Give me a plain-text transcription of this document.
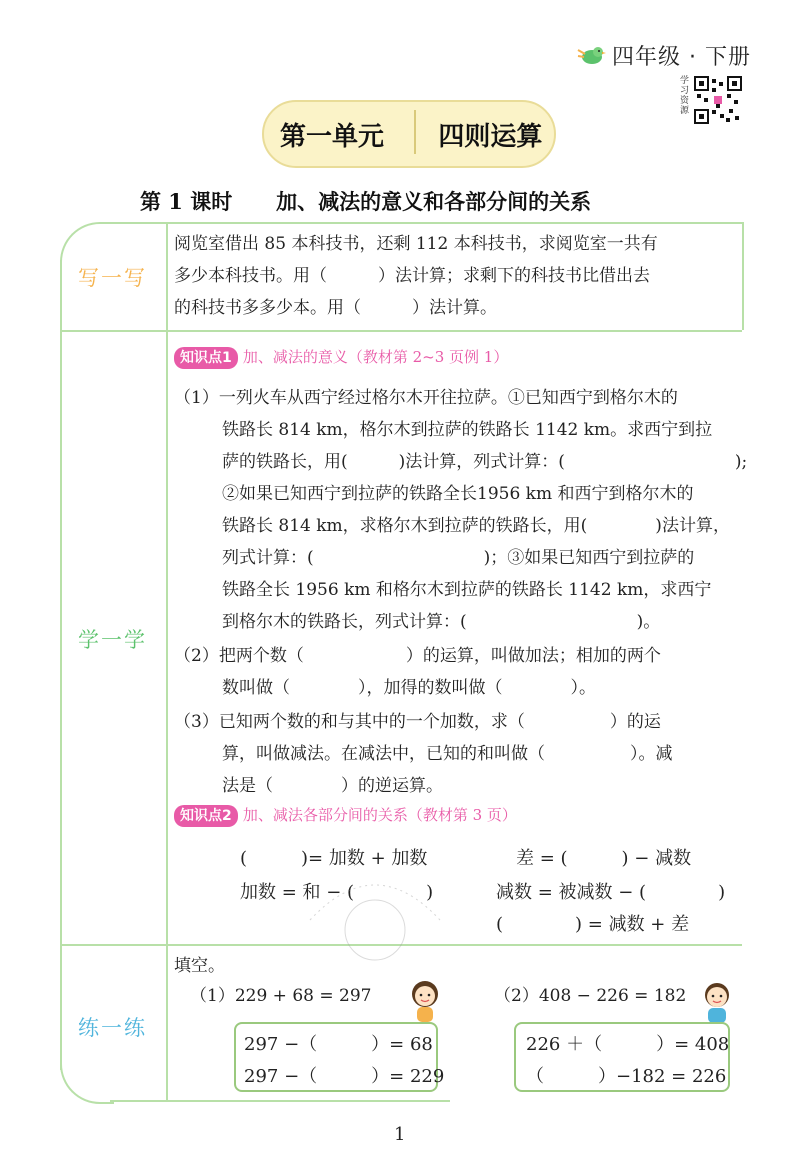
四年级 · 下册
学习资源
第一单元 四则运算
第 1 课时 加、减法的意义和各部分间的关系
写一写
学一学
练一练
阅览室借出 85 本科技书，还剩 112 本科技书，求阅览室一共有
多少本科技书。用（　　　）法计算；求剩下的科技书比借出去
的科技书多多少本。用（　　　）法计算。
知识点1 加、减法的意义（教材第 2~3 页例 1）
（1）一列火车从西宁经过格尔木开往拉萨。①已知西宁到格尔木的
铁路长 814 km，格尔木到拉萨的铁路长 1142 km。求西宁到拉
萨的铁路长，用(　　　)法计算，列式计算：(　　　　　　　　　　);
②如果已知西宁到拉萨的铁路全长1956 km 和西宁到格尔木的
铁路长 814 km，求格尔木到拉萨的铁路长，用(　　　　)法计算，
列式计算：(　　　　　　　　　　)；③如果已知西宁到拉萨的
铁路全长 1956 km 和格尔木到拉萨的铁路长 1142 km，求西宁
到格尔木的铁路长，列式计算：(　　　　　　　　　　)。
（2）把两个数（　　　　　　）的运算，叫做加法；相加的两个
数叫做（　　　　），加得的数叫做（　　　　）。
（3）已知两个数的和与其中的一个加数，求（　　　　　）的运
算，叫做减法。在减法中，已知的和叫做（　　　　　）。减
法是（　　　　）的逆运算。
知识点2 加、减法各部分间的关系（教材第 3 页）
(　　　)= 加数 + 加数	差 = (　　　) − 减数
加数 = 和 − (　　　　)	减数 = 被减数 − (　　　　)
(　　　　) = 减数 + 差
填空。
（1）229 + 68 = 297	（2）408 − 226 = 182
297 −（　　　）= 68
297 −（　　　）= 229
226 ＋（　　　）= 408
（　　　）−182 = 226
1
